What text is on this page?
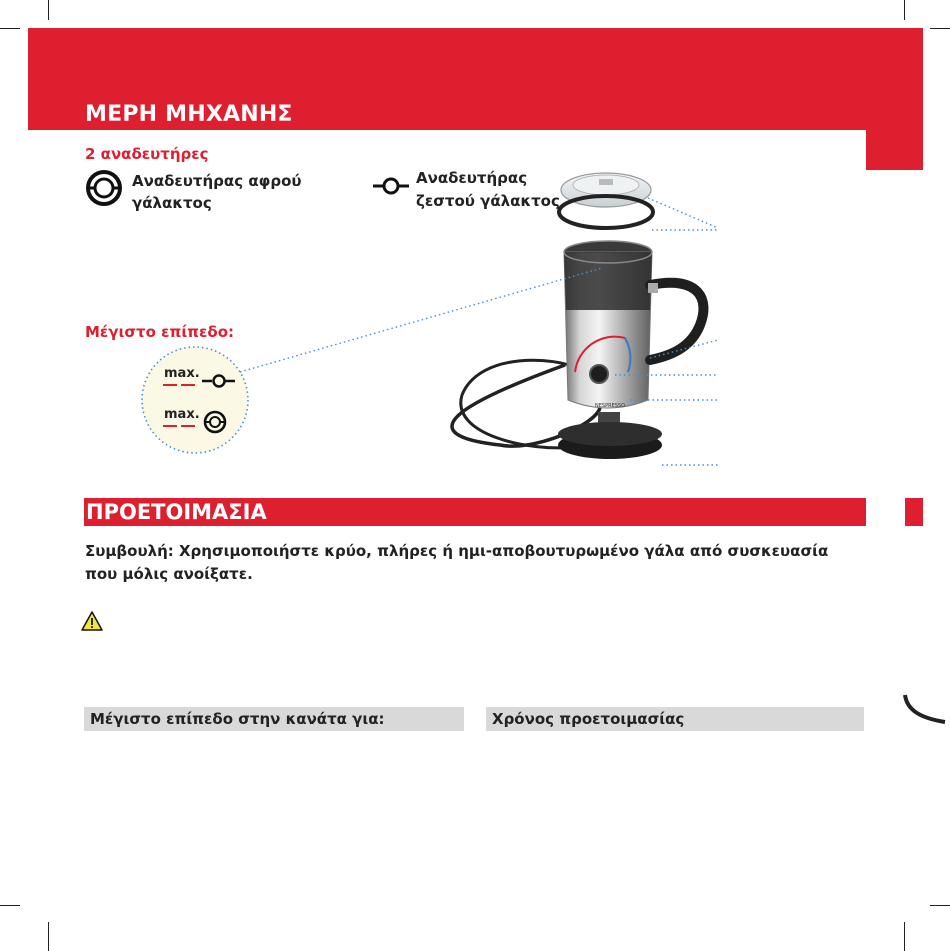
ΜΕΡΗ ΜΗΧΑΝΗΣ
2 αναδευτήρες
Αναδευτήρας αφρού
γάλακτος
Αναδευτήρας
ζεστού γάλακτος
Μέγιστο επίπεδο:
max.
max.
NESPRESSO
ΠΡΟΕΤΟΙΜΑΣΙΑ
Συμβουλή: Χρησιμοποιήστε κρύο, πλήρες ή ημι-αποβουτυρωμένο γάλα από συσκευασία
που μόλις ανοίξατε.
Μέγιστο επίπεδο στην κανάτα για:	Χρόνος προετοιμασίας
